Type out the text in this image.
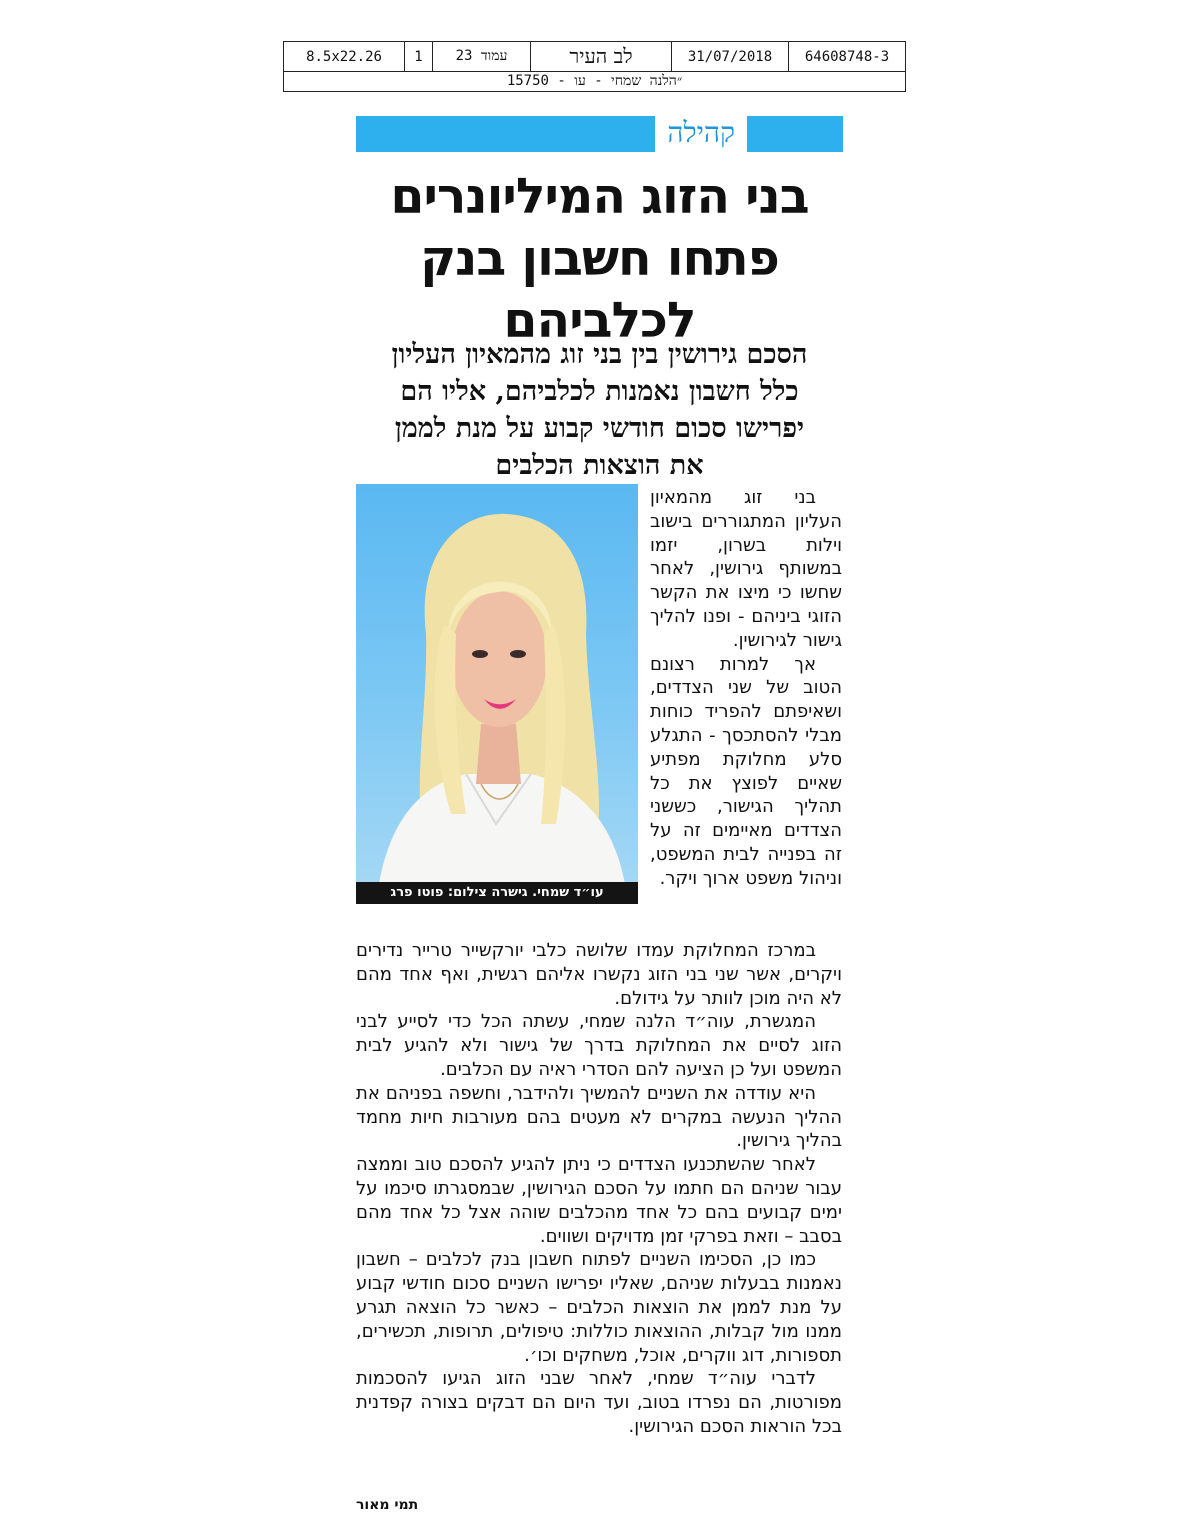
8.5x22.26	1	עמוד 23	לב העיר	31/07/2018	64608748-3
״הלנה שמחי - עו - 15750
קהילה
בני הזוג המיליונרים
פתחו חשבון בנק
לכלביהם
הסכם גירושין בין בני זוג מהמאיון העליון
כלל חשבון נאמנות לכלביהם, אליו הם
יפרישו סכום חודשי קבוע על מנת לממן
את הוצאות הכלבים
עו״ד שמחי. גישרה צילום: פוטו פרג

בני זוג מהמאיון העליון המתגוררים בישוב וילות בשרון, יזמו במשותף גירושין, לאחר שחשו כי מיצו את הקשר הזוגי ביניהם - ופנו להליך גישור לגירושין.

אך למרות רצונם הטוב של שני הצדדים, ושאיפתם להפריד כוחות מבלי להסתכסך - התגלע סלע מחלוקת מפתיע שאיים לפוצץ את כל תהליך הגישור, כששני הצדדים מאיימים זה על זה בפנייה לבית המשפט, וניהול משפט ארוך ויקר.

במרכז המחלוקת עמדו שלושה כלבי יורקשייר טרייר נדירים ויקרים, אשר שני בני הזוג נקשרו אליהם רגשית, ואף אחד מהם לא היה מוכן לוותר על גידולם.

המגשרת, עוה״ד הלנה שמחי, עשתה הכל כדי לסייע לבני הזוג לסיים את המחלוקת בדרך של גישור ולא להגיע לבית המשפט ועל כן הציעה להם הסדרי ראיה עם הכלבים.

היא עודדה את השניים להמשיך ולהידבר, וחשפה בפניהם את ההליך הנעשה במקרים לא מעטים בהם מעורבות חיות מחמד בהליך גירושין.

לאחר שהשתכנעו הצדדים כי ניתן להגיע להסכם טוב וממצה עבור שניהם הם חתמו על הסכם הגירושין, שבמסגרתו סיכמו על ימים קבועים בהם כל אחד מהכלבים שוהה אצל כל אחד מהם בסבב – וזאת בפרקי זמן מדויקים ושווים.

כמו כן, הסכימו השניים לפתוח חשבון בנק לכלבים – חשבון נאמנות בבעלות שניהם, שאליו יפרישו השניים סכום חודשי קבוע על מנת לממן את הוצאות הכלבים – כאשר כל הוצאה תגרע ממנו מול קבלות, ההוצאות כוללות: טיפולים, תרופות, תכשירים, תספורות, דוג ווקרים, אוכל, משחקים וכו׳.

לדברי עוה״ד שמחי, לאחר שבני הזוג הגיעו להסכמות מפורטות, הם נפרדו בטוב, ועד היום הם דבקים בצורה קפדנית בכל הוראות הסכם הגירושין.

תמי מאור
